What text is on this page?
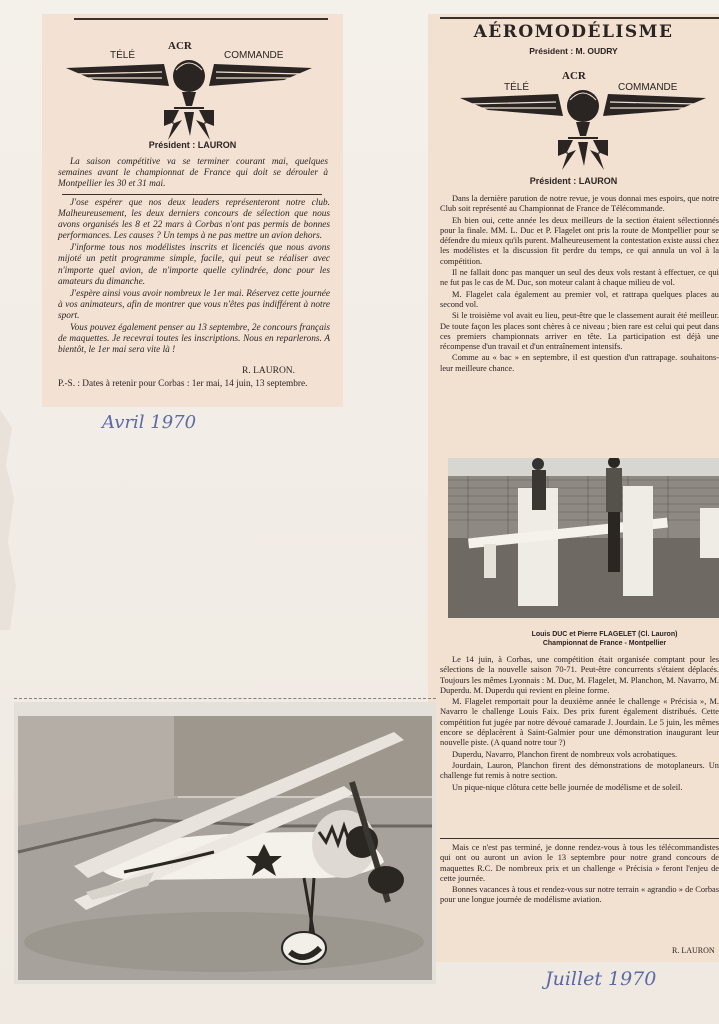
TÉLÉ	COMMANDE
ACR
Président : LAURON

La saison compétitive va se terminer courant mai, quelques semaines avant le championnat de France qui doit se dérouler à Montpellier les 30 et 31 mai.

J'ose espérer que nos deux leaders représenteront notre club. Malheureusement, les deux derniers concours de sélection que nous avons organisés les 8 et 22 mars à Corbas n'ont pas permis de bonnes performances. Les causes ? Un temps à ne pas mettre un avion dehors.

J'informe tous nos modélistes inscrits et licenciés que nous avons mijoté un petit programme simple, facile, qui peut se réaliser avec n'importe quel avion, de n'importe quelle cylindrée, donc pour les amateurs du dimanche.

J'espère ainsi vous avoir nombreux le 1er mai. Réservez cette journée à vos animateurs, afin de montrer que vous n'êtes pas indifférent à notre sport.

Vous pouvez également penser au 13 septembre, 2e concours français de maquettes. Je recevrai toutes les inscriptions. Nous en reparlerons. A bientôt, le 1er mai sera vite là !

R. LAURON.
P.-S. : Dates à retenir pour Corbas : 1er mai, 14 juin, 13 septembre.
Avril 1970
AÉROMODÉLISME
Président : M. OUDRY
TÉLÉ	COMMANDE
ACR
Président : LAURON

Dans la dernière parution de notre revue, je vous donnai mes espoirs, que notre Club soit représenté au Championnat de France de Télécommande.

Eh bien oui, cette année les deux meilleurs de la section étaient sélectionnés pour la finale. MM. L. Duc et P. Flagelet ont pris la route de Montpellier pour se défendre du mieux qu'ils purent. Malheureusement la contestation existe aussi chez les modélistes et la discussion fit perdre du temps, ce qui annula un vol à la compétition.

Il ne fallait donc pas manquer un seul des deux vols restant à effectuer, ce qui ne fut pas le cas de M. Duc, son moteur calant à chaque milieu de vol.

M. Flagelet cala également au premier vol, et rattrapa quelques places au second vol.

Si le troisième vol avait eu lieu, peut-être que le classement aurait été meilleur. De toute façon les places sont chères à ce niveau ; bien rare est celui qui peut dans ces premiers championnats arriver en tête. La participation est déjà une récompense d'un travail et d'un entraînement intensifs.

Comme au « bac » en septembre, il est question d'un rattrapage. souhaitons-leur meilleure chance.

Louis DUC et Pierre FLAGELET (Cl. Lauron)
Championnat de France - Montpellier

Le 14 juin, à Corbas, une compétition était organisée comptant pour les sélections de la nouvelle saison 70-71. Peut-être concurrents s'étaient déplacés. Toujours les mêmes Lyonnais : M. Duc, M. Flagelet, M. Planchon, M. Navarro, M. Duperdu. M. Duperdu qui revient en pleine forme.

M. Flagelet remportait pour la deuxième année le challenge « Précisia », M. Navarro le challenge Louis Faix. Des prix furent également distribués. Cette compétition fut jugée par notre dévoué camarade J. Jourdain. Le 5 juin, les mêmes encore se déplacèrent à Saint-Galmier pour une démonstration inaugurant leur nouvelle piste. (A quand notre tour ?)

Duperdu, Navarro, Planchon firent de nombreux vols acrobatiques.

Jourdain, Lauron, Planchon firent des démonstrations de motoplaneurs. Un challenge fut remis à notre section.

Un pique-nique clôtura cette belle journée de modélisme et de soleil.

Mais ce n'est pas terminé, je donne rendez-vous à tous les télécommandistes qui ont ou auront un avion le 13 septembre pour notre grand concours de maquettes R.C. De nombreux prix et un challenge « Précisia » feront l'enjeu de cette journée.

Bonnes vacances à tous et rendez-vous sur notre terrain « agrandio » de Corbas pour une longue journée de modélisme aviation.

R. LAURON
Juillet 1970
